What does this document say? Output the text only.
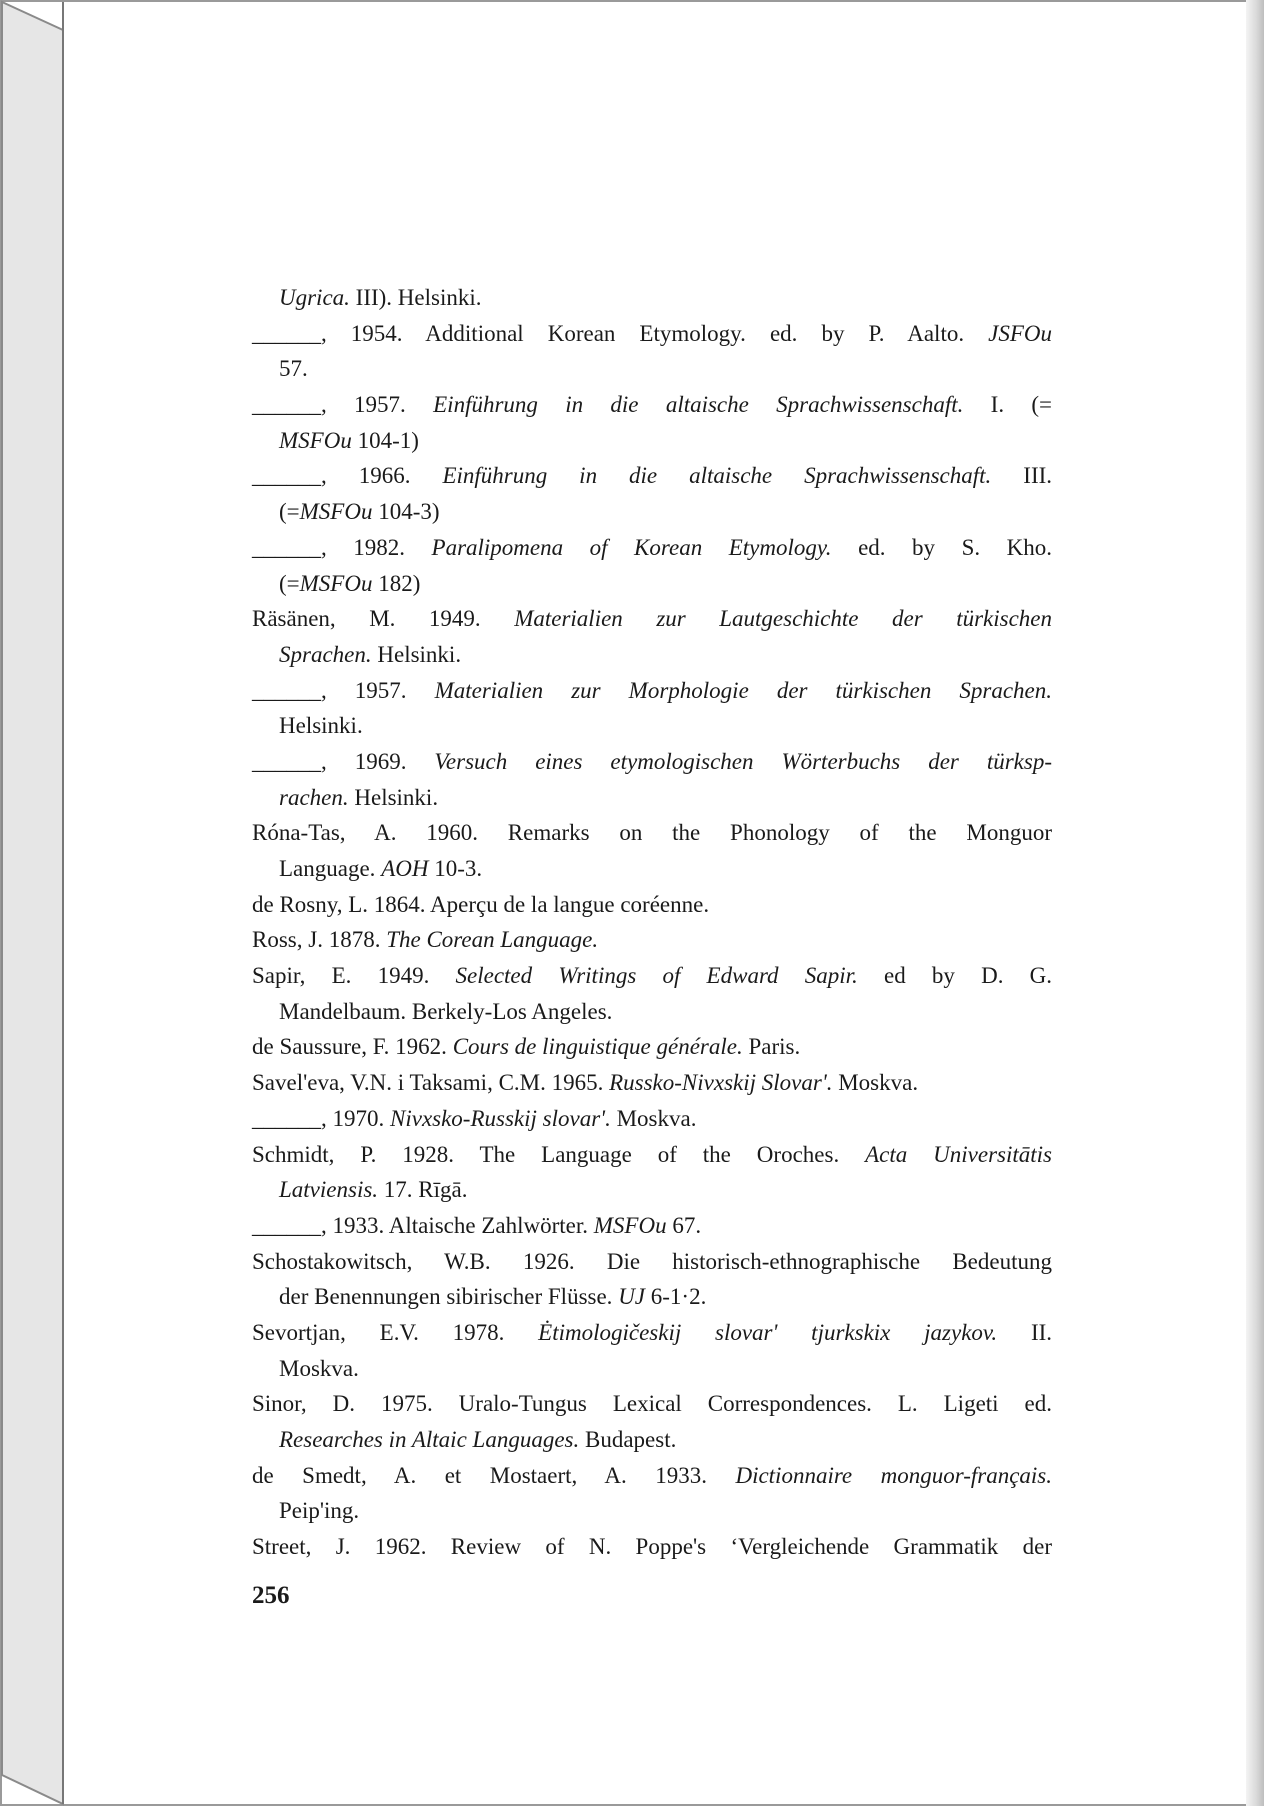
Ugrica. III). Helsinki.
______, 1954. Additional Korean Etymology. ed. by P. Aalto. JSFOu
57.
______, 1957. Einführung in die altaische Sprachwissenschaft. I. (=
MSFOu 104-1)
______, 1966. Einführung in die altaische Sprachwissenschaft. III.
(=MSFOu 104-3)
______, 1982. Paralipomena of Korean Etymology. ed. by S. Kho.
(=MSFOu 182)
Räsänen, M. 1949. Materialien zur Lautgeschichte der türkischen
Sprachen. Helsinki.
______, 1957. Materialien zur Morphologie der türkischen Sprachen.
Helsinki.
______, 1969. Versuch eines etymologischen Wörterbuchs der türksp-
rachen. Helsinki.
Róna-Tas, A. 1960. Remarks on the Phonology of the Monguor
Language. AOH 10-3.
de Rosny, L. 1864. Aperçu de la langue coréenne.
Ross, J. 1878. The Corean Language.
Sapir, E. 1949. Selected Writings of Edward Sapir. ed by D. G.
Mandelbaum. Berkely-Los Angeles.
de Saussure, F. 1962. Cours de linguistique générale. Paris.
Savel'eva, V.N. i Taksami, C.M. 1965. Russko-Nivxskij Slovar'. Moskva.
______, 1970. Nivxsko-Russkij slovar'. Moskva.
Schmidt, P. 1928. The Language of the Oroches. Acta Universitātis
Latviensis. 17. Rīgā.
______, 1933. Altaische Zahlwörter. MSFOu 67.
Schostakowitsch, W.B. 1926. Die historisch-ethnographische Bedeutung
der Benennungen sibirischer Flüsse. UJ 6-1·2.
Sevortjan, E.V. 1978. Ėtimologičeskij slovar' tjurkskix jazykov. II.
Moskva.
Sinor, D. 1975. Uralo-Tungus Lexical Correspondences. L. Ligeti ed.
Researches in Altaic Languages. Budapest.
de Smedt, A. et Mostaert, A. 1933. Dictionnaire monguor-français.
Peip'ing.
Street, J. 1962. Review of N. Poppe's ‘Vergleichende Grammatik der
256
